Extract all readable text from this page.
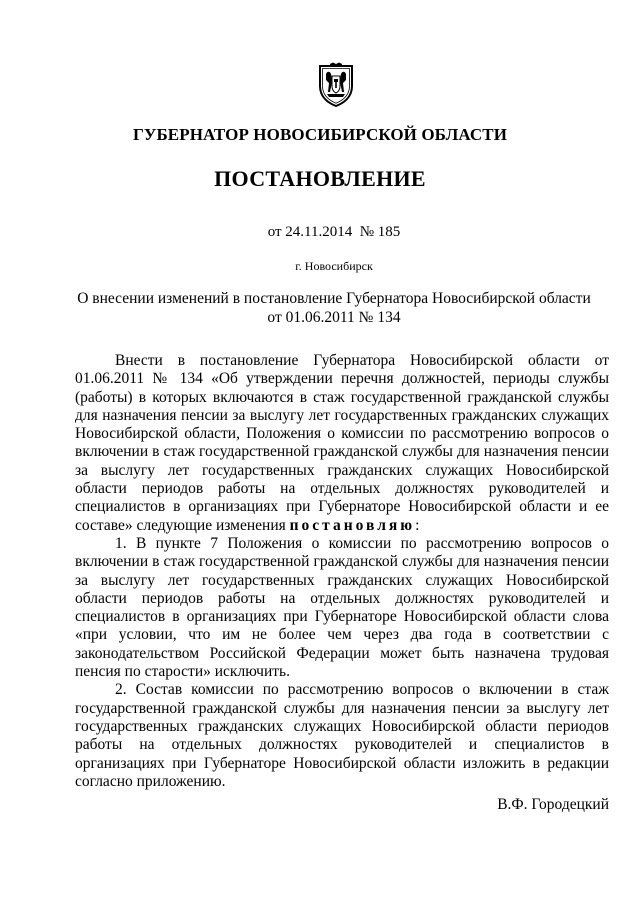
ГУБЕРНАТОР НОВОСИБИРСКОЙ ОБЛАСТИ
ПОСТАНОВЛЕНИЕ
от 24.11.2014  № 185
г. Новосибирск
О внесении изменений в постановление Губернатора Новосибирской области
от 01.06.2011 № 134

Внести в постановление Губернатора Новосибирской области от 01.06.2011 № 134 «Об утверждении перечня должностей, периоды службы (работы) в которых включаются в стаж государственной гражданской службы для назначения пенсии за выслугу лет государственных гражданских служащих Новосибирской области, Положения о комиссии по рассмотрению вопросов о включении в стаж государственной гражданской службы для назначения пенсии за выслугу лет государственных гражданских служащих Новосибирской области периодов работы на отдельных должностях руководителей и специалистов в организациях при Губернаторе Новосибирской области и ее составе» следующие изменения постановляю:

1. В пункте 7 Положения о комиссии по рассмотрению вопросов о включении в стаж государственной гражданской службы для назначения пенсии за выслугу лет государственных гражданских служащих Новосибирской области периодов работы на отдельных должностях руководителей и специалистов в организациях при Губернаторе Новосибирской области слова «при условии, что им не более чем через два года в соответствии с законодательством Российской Федерации может быть назначена трудовая пенсия по старости» исключить.

2. Состав комиссии по рассмотрению вопросов о включении в стаж государственной гражданской службы для назначения пенсии за выслугу лет государственных гражданских служащих Новосибирской области периодов работы на отдельных должностях руководителей и специалистов в организациях при Губернаторе Новосибирской области изложить в редакции согласно приложению.

В.Ф. Городецкий
